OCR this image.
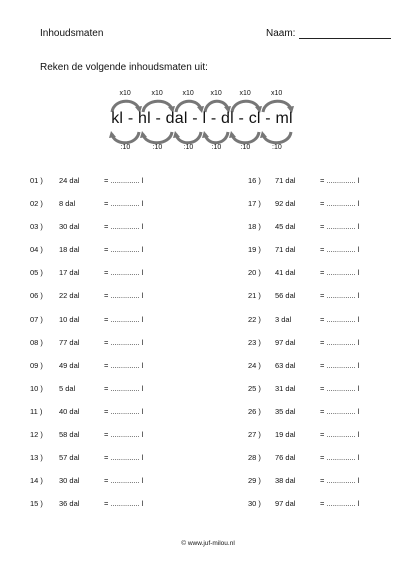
Inhoudsmaten	Naam:
Reken de volgende inhoudsmaten uit:
kl - hl - dal - l - dl - cl - ml
x10
:10
x10
:10
x10
:10
x10
:10
x10
:10
x10
:10
01 ) 24 dal	= .............. l
02 ) 8 dal	= .............. l
03 ) 30 dal	= .............. l
04 ) 18 dal	= .............. l
05 ) 17 dal	= .............. l
06 ) 22 dal	= .............. l
07 ) 10 dal	= .............. l
08 ) 77 dal	= .............. l
09 ) 49 dal	= .............. l
10 ) 5 dal	= .............. l
11 ) 40 dal	= .............. l
12 ) 58 dal	= .............. l
13 ) 57 dal	= .............. l
14 ) 30 dal	= .............. l
15 ) 36 dal	= .............. l
16 ) 71 dal	= .............. l
17 ) 92 dal	= .............. l
18 ) 45 dal	= .............. l
19 ) 71 dal	= .............. l
20 ) 41 dal	= .............. l
21 ) 56 dal	= .............. l
22 ) 3 dal	= .............. l
23 ) 97 dal	= .............. l
24 ) 63 dal	= .............. l
25 ) 31 dal	= .............. l
26 ) 35 dal	= .............. l
27 ) 19 dal	= .............. l
28 ) 76 dal	= .............. l
29 ) 38 dal	= .............. l
30 ) 97 dal	= .............. l
© www.juf-milou.nl
